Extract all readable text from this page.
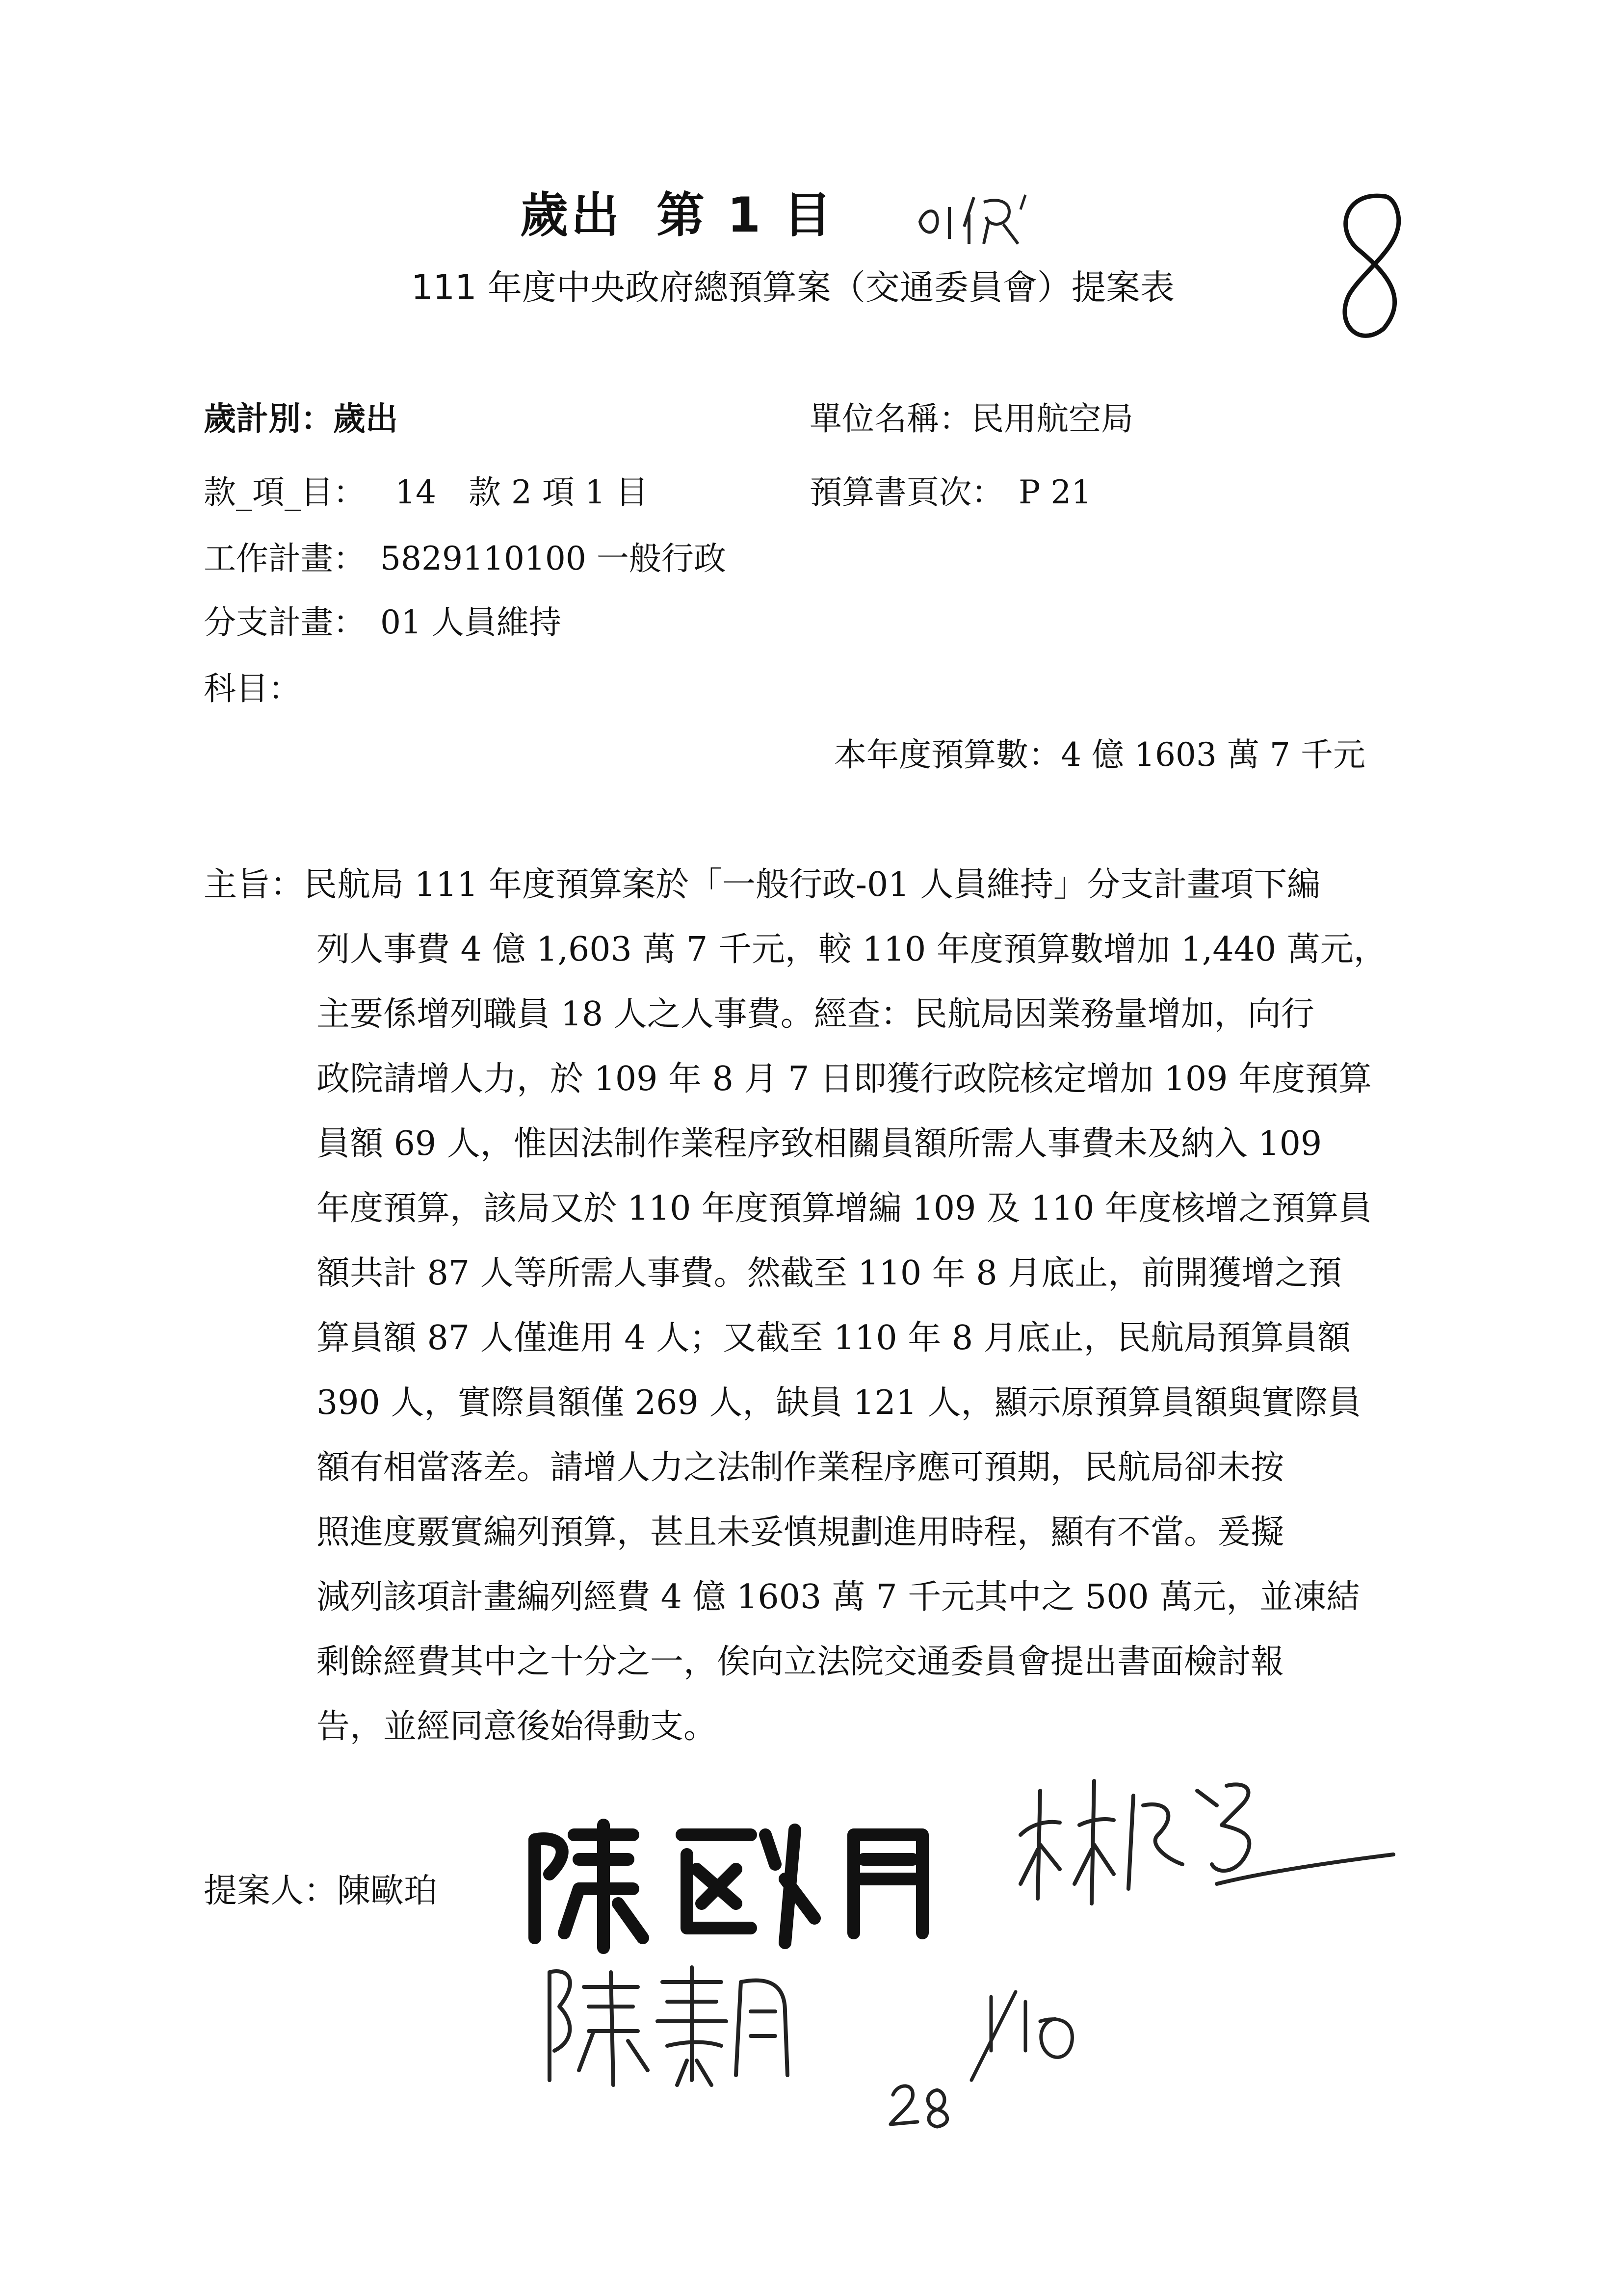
歲出 第 1 目
111 年度中央政府總預算案（交通委員會）提案表
歲計別：歲出	單位名稱：民用航空局
款_項_目： 14　款 2 項 1 目	預算書頁次： P 21
工作計畫： 5829110100 一般行政
分支計畫： 01 人員維持
科目：
本年度預算數：4 億 1603 萬 7 千元
主旨：民航局 111 年度預算案於「一般行政-01 人員維持」分支計畫項下編
列人事費 4 億 1,603 萬 7 千元，較 110 年度預算數增加 1,440 萬元，
主要係增列職員 18 人之人事費。經查：民航局因業務量增加，向行
政院請增人力，於 109 年 8 月 7 日即獲行政院核定增加 109 年度預算
員額 69 人，惟因法制作業程序致相關員額所需人事費未及納入 109
年度預算，該局又於 110 年度預算增編 109 及 110 年度核增之預算員
額共計 87 人等所需人事費。然截至 110 年 8 月底止，前開獲增之預
算員額 87 人僅進用 4 人；又截至 110 年 8 月底止，民航局預算員額
390 人，實際員額僅 269 人，缺員 121 人，顯示原預算員額與實際員
額有相當落差。請增人力之法制作業程序應可預期，民航局卻未按
照進度覈實編列預算，甚且未妥慎規劃進用時程，顯有不當。爰擬
減列該項計畫編列經費 4 億 1603 萬 7 千元其中之 500 萬元，並凍結
剩餘經費其中之十分之一，俟向立法院交通委員會提出書面檢討報
告，並經同意後始得動支。
提案人：陳歐珀
